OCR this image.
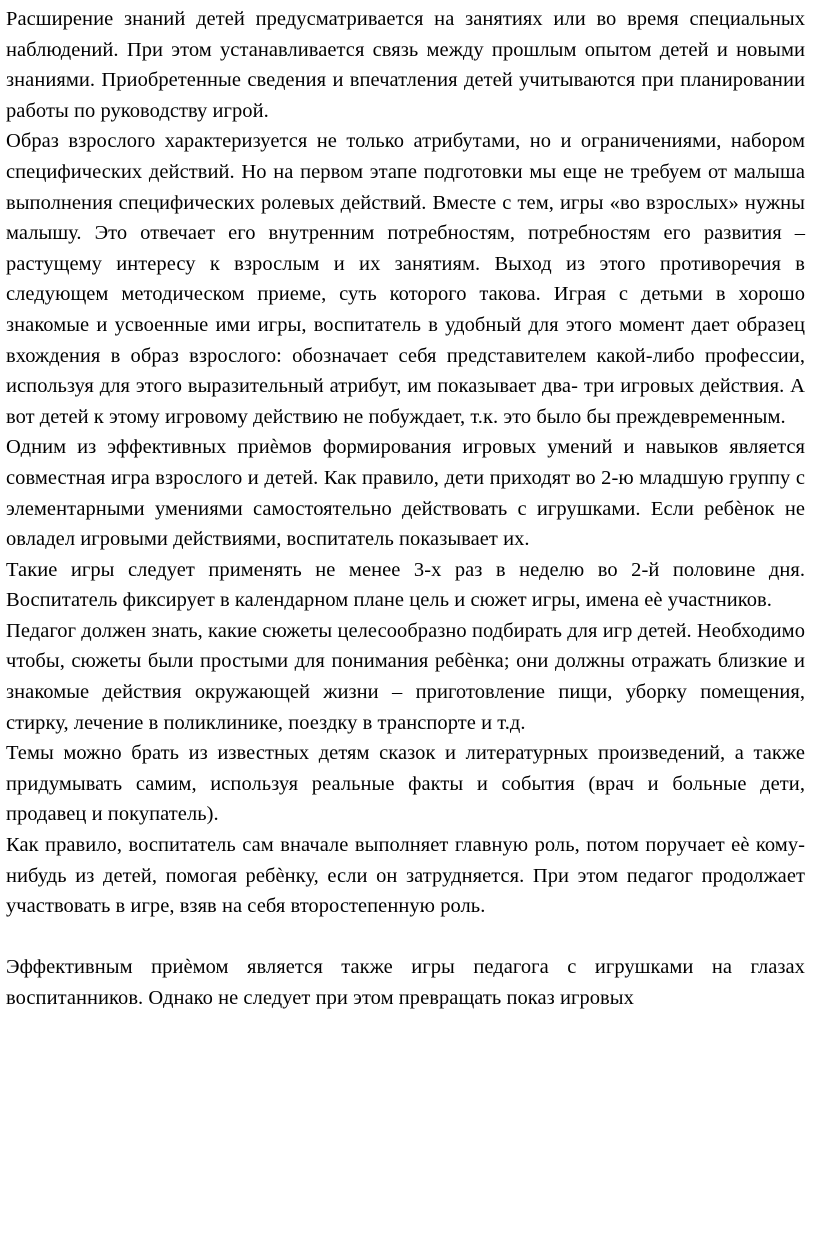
Расширение знаний детей предусматривается на занятиях или во время специальных наблюдений. При этом устанавливается связь между прошлым опытом детей и новыми знаниями. Приобретенные сведения и впечатления детей учитываются при планировании работы по руководству игрой.

Образ взрослого характеризуется не только атрибутами, но и ограничениями, набором специфических действий. Но на первом этапе подготовки мы еще не требуем от малыша выполнения специфических ролевых действий. Вместе с тем, игры «во взрослых» нужны малышу. Это отвечает его внутренним потребностям, потребностям его развития – растущему интересу к взрослым и их занятиям. Выход из этого противоречия в следующем методическом приеме, суть которого такова. Играя с детьми в хорошо знакомые и усвоенные ими игры, воспитатель в удобный для этого момент дает образец вхождения в образ взрослого: обозначает себя представителем какой-либо профессии, используя для этого выразительный атрибут, им показывает два- три игровых действия. А вот детей к этому игровому действию не побуждает, т.к. это было бы преждевременным.

Одним из эффективных приѐмов формирования игровых умений и навыков является совместная игра взрослого и детей. Как правило, дети приходят во 2-ю младшую группу с элементарными умениями самостоятельно действовать с игрушками. Если ребѐнок не овладел игровыми действиями, воспитатель показывает их.

Такие игры следует применять не менее 3-х раз в неделю во 2-й половине дня. Воспитатель фиксирует в календарном плане цель и сюжет игры, имена еѐ участников.

Педагог должен знать, какие сюжеты целесообразно подбирать для игр детей. Необходимо чтобы, сюжеты были простыми для понимания ребѐнка; они должны отражать близкие и знакомые действия окружающей жизни – приготовление пищи, уборку помещения, стирку, лечение в поликлинике, поездку в транспорте и т.д.

Темы можно брать из известных детям сказок и литературных произведений, а также придумывать самим, используя реальные факты и события (врач и больные дети, продавец и покупатель).

Как правило, воспитатель сам вначале выполняет главную роль, потом поручает еѐ кому-нибудь из детей, помогая ребѐнку, если он затрудняется. При этом педагог продолжает участвовать в игре, взяв на себя второстепенную роль.

Эффективным приѐмом является также игры педагога с игрушками на глазах воспитанников. Однако не следует при этом превращать показ игровых
